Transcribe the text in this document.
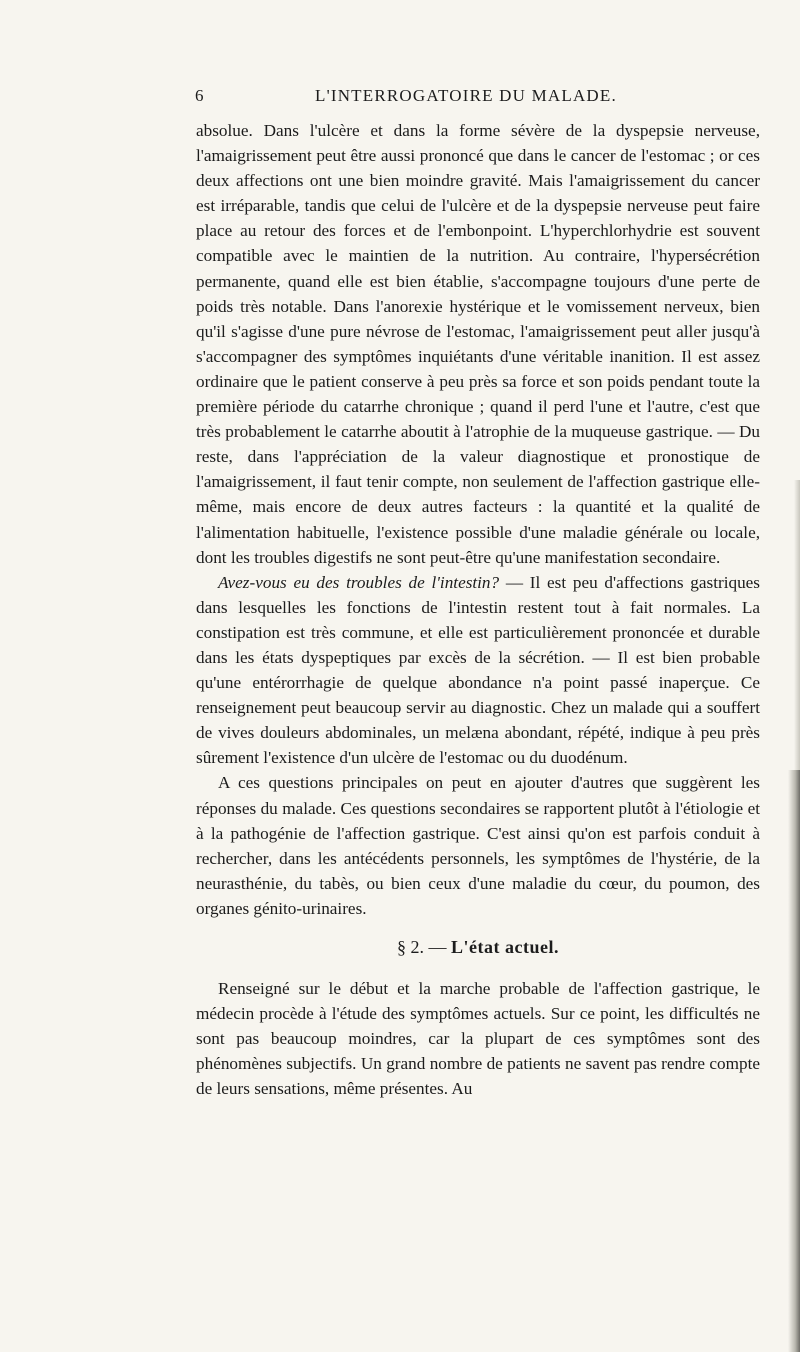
6	L'INTERROGATOIRE DU MALADE.

absolue. Dans l'ulcère et dans la forme sévère de la dyspepsie nerveuse, l'amaigrissement peut être aussi prononcé que dans le cancer de l'estomac ; or ces deux affections ont une bien moindre gravité. Mais l'amaigrissement du cancer est irréparable, tandis que celui de l'ulcère et de la dyspepsie nerveuse peut faire place au retour des forces et de l'embonpoint. L'hyperchlorhydrie est souvent compatible avec le maintien de la nutrition. Au contraire, l'hypersécrétion permanente, quand elle est bien établie, s'accompagne toujours d'une perte de poids très notable. Dans l'anorexie hystérique et le vomissement nerveux, bien qu'il s'agisse d'une pure névrose de l'estomac, l'amaigrissement peut aller jusqu'à s'accompagner des symptômes inquiétants d'une véritable inanition. Il est assez ordinaire que le patient conserve à peu près sa force et son poids pendant toute la première période du catarrhe chronique ; quand il perd l'une et l'autre, c'est que très probablement le catarrhe aboutit à l'atrophie de la muqueuse gastrique. — Du reste, dans l'appréciation de la valeur diagnostique et pronostique de l'amaigrissement, il faut tenir compte, non seulement de l'affection gastrique elle-même, mais encore de deux autres facteurs : la quantité et la qualité de l'alimentation habituelle, l'existence possible d'une maladie générale ou locale, dont les troubles digestifs ne sont peut-être qu'une manifestation secondaire.

Avez-vous eu des troubles de l'intestin? — Il est peu d'affections gastriques dans lesquelles les fonctions de l'intestin restent tout à fait normales. La constipation est très commune, et elle est particulièrement prononcée et durable dans les états dyspeptiques par excès de la sécrétion. — Il est bien probable qu'une entérorrhagie de quelque abondance n'a point passé inaperçue. Ce renseignement peut beaucoup servir au diagnostic. Chez un malade qui a souffert de vives douleurs abdominales, un melæna abondant, répété, indique à peu près sûrement l'existence d'un ulcère de l'estomac ou du duodénum.

A ces questions principales on peut en ajouter d'autres que suggèrent les réponses du malade. Ces questions secondaires se rapportent plutôt à l'étiologie et à la pathogénie de l'affection gastrique. C'est ainsi qu'on est parfois conduit à rechercher, dans les antécédents personnels, les symptômes de l'hystérie, de la neurasthénie, du tabès, ou bien ceux d'une maladie du cœur, du poumon, des organes génito-urinaires.

§ 2. — L'état actuel.

Renseigné sur le début et la marche probable de l'affection gastrique, le médecin procède à l'étude des symptômes actuels. Sur ce point, les difficultés ne sont pas beaucoup moindres, car la plupart de ces symptômes sont des phénomènes subjectifs. Un grand nombre de patients ne savent pas rendre compte de leurs sensations, même présentes. Au
